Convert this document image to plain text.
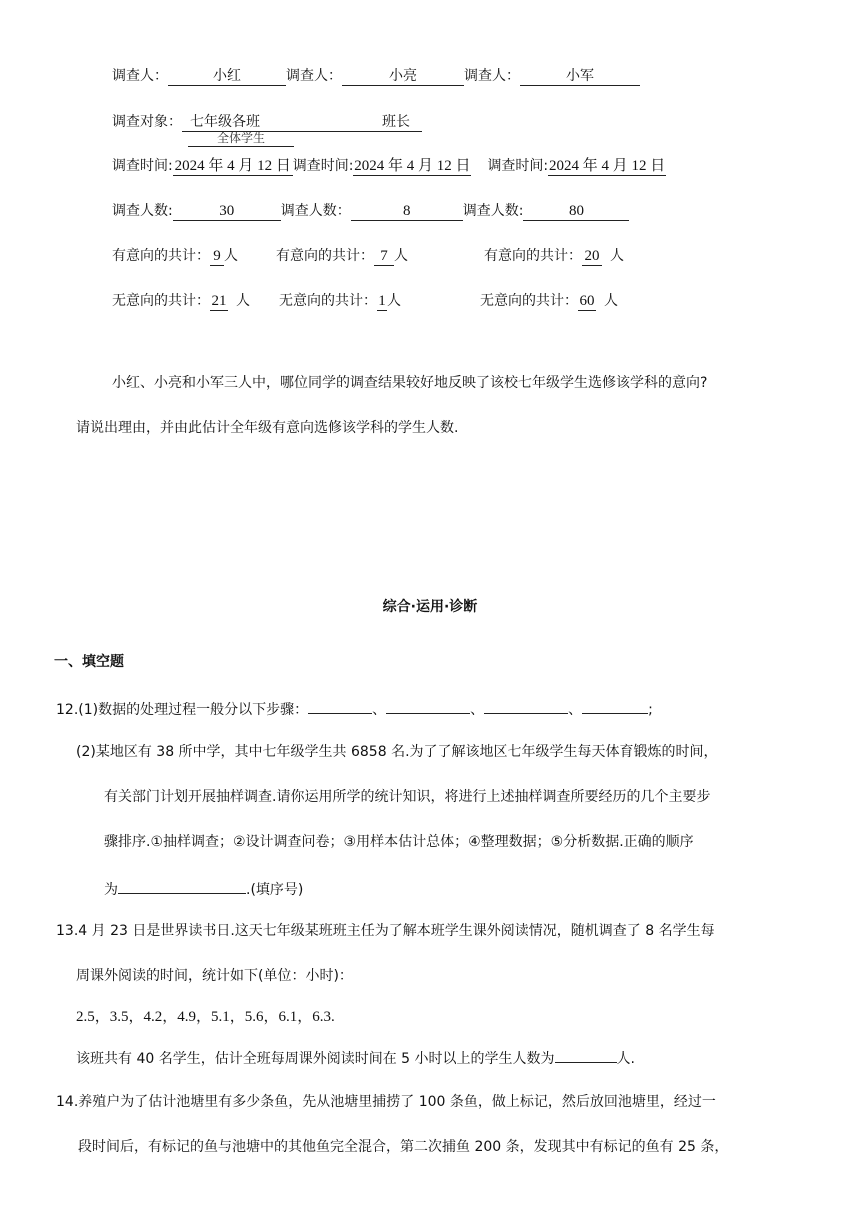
调查人：	小红	调查人：	小亮	调查人：	小军
调查对象： 七年级各班	班长
全体学生
调查时间: 2024 年 4 月 12 日 调查时间:2024 年 4 月 12 日 调查时间:2024 年 4 月 12 日
调查人数:	30	调查人数：	8	调查人数:	80
有意向的共计： 9 人	有意向的共计： 7 人	有意向的共计： 20 人
无意向的共计： 21 人 无意向的共计：1人	无意向的共计： 60 人
小红、小亮和小军三人中，哪位同学的调查结果较好地反映了该校七年级学生选修该学科的意向?
请说出理由，并由此估计全年级有意向选修该学科的学生人数.
综合·运用·诊断
一、填空题
12.(1)数据的处理过程一般分以下步骤：	、	、	、	;
(2)某地区有 38 所中学，其中七年级学生共 6858 名.为了了解该地区七年级学生每天体育锻炼的时间，
有关部门计划开展抽样调查.请你运用所学的统计知识，将进行上述抽样调查所要经历的几个主要步
骤排序.①抽样调查；②设计调查问卷；③用样本估计总体；④整理数据；⑤分析数据.正确的顺序
为	.(填序号)
13.4 月 23 日是世界读书日.这天七年级某班班主任为了解本班学生课外阅读情况，随机调查了 8 名学生每
周课外阅读的时间，统计如下(单位：小时)：
2.5，3.5，4.2，4.9，5.1，5.6，6.1，6.3.
该班共有 40 名学生，估计全班每周课外阅读时间在 5 小时以上的学生人数为	人.
14.养殖户为了估计池塘里有多少条鱼，先从池塘里捕捞了 100 条鱼，做上标记，然后放回池塘里，经过一
段时间后，有标记的鱼与池塘中的其他鱼完全混合，第二次捕鱼 200 条，发现其中有标记的鱼有 25 条，
